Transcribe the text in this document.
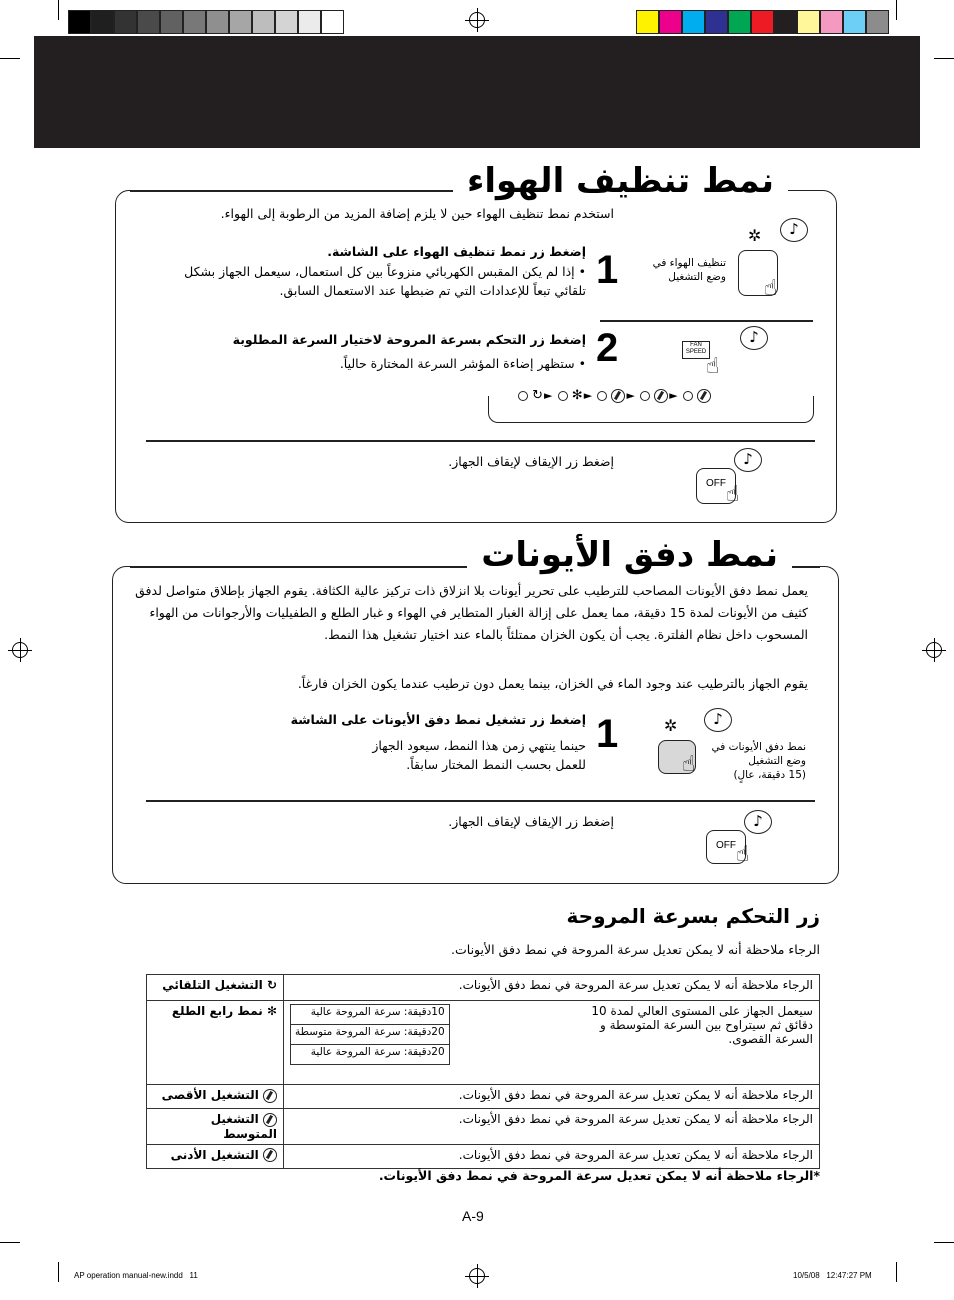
نمط تنظيف الهواء
استخدم نمط تنظيف الهواء حين لا يلزم إضافة المزيد من الرطوبة إلى الهواء.
1
إضغط زر نمط تنظيف الهواء على الشاشة.
• إذا لم يكن المقبس الكهربائي منزوعاً بين كل استعمال، سيعمل الجهاز بشكل تلقائي تبعاً للإعدادات التي تم ضبطها عند الاستعمال السابق.
تنظيف الهواء في وضع التشغيل
✲	♪
☝
2
إضغط زر التحكم بسرعة المروحة لاختيار السرعة المطلوبة
• ستظهر إضاءة المؤشر السرعة المختارة حالياً.
FAN SPEED
♪
☝
↻► ✻►	►	►
إضغط زر الإيقاف لإيقاف الجهاز.	♪
OFF ☝
نمط دفق الأيونات
يعمل نمط دفق الأيونات المصاحب للترطيب على تحرير أيونات بلا انزلاق ذات تركيز عالية الكثافة. يقوم الجهاز بإطلاق متواصل لدفق كثيف من الأيونات لمدة 15 دقيقة، مما يعمل على إزالة الغبار المتطاير في الهواء و غبار الطلع و الطفيليات والأرجوانات من الهواء المسحوب داخل نظام الفلترة. يجب أن يكون الخزان ممتلئاً بالماء عند اختيار تشغيل هذا النمط.
يقوم الجهاز بالترطيب عند وجود الماء في الخزان، بينما يعمل دون ترطيب عندما يكون الخزان فارغاً.
1
إضغط زر تشغيل نمط دفق الأيونات على الشاشة
حينما ينتهي زمن هذا النمط، سيعود الجهاز للعمل بحسب النمط المختار سابقاً.
نمط دفق الأيونات في
وضع التشغيل
(15 دقيقة، عالٍ)
✲	♪
☝
إضغط زر الإيقاف لإيقاف الجهاز.	♪
OFF ☝
زر التحكم بسرعة المروحة
الرجاء ملاحظة أنه لا يمكن تعديل سرعة المروحة في نمط دفق الأيونات.
↻ التشغيل التلقائي	الرجاء ملاحظة أنه لا يمكن تعديل سرعة المروحة في نمط دفق الأيونات.
✻ نمط رابع الطلع	سيعمل الجهاز على المستوى العالي لمدة 10 دقائق ثم سيتراوح بين السرعة المتوسطة و السرعة القصوى.
10دقيقة: سرعة المروحة عالية
20دقيقة: سرعة المروحة متوسطة
20دقيقة: سرعة المروحة عالية

التشغيل الأقصى	الرجاء ملاحظة أنه لا يمكن تعديل سرعة المروحة في نمط دفق الأيونات.
التشغيل المتوسط	الرجاء ملاحظة أنه لا يمكن تعديل سرعة المروحة في نمط دفق الأيونات.
التشغيل الأدنى	الرجاء ملاحظة أنه لا يمكن تعديل سرعة المروحة في نمط دفق الأيونات.
*الرجاء ملاحظة أنه لا يمكن تعديل سرعة المروحة في نمط دفق الأيونات.
A-9
AP operation manual-new.indd   11	10/5/08   12:47:27 PM
